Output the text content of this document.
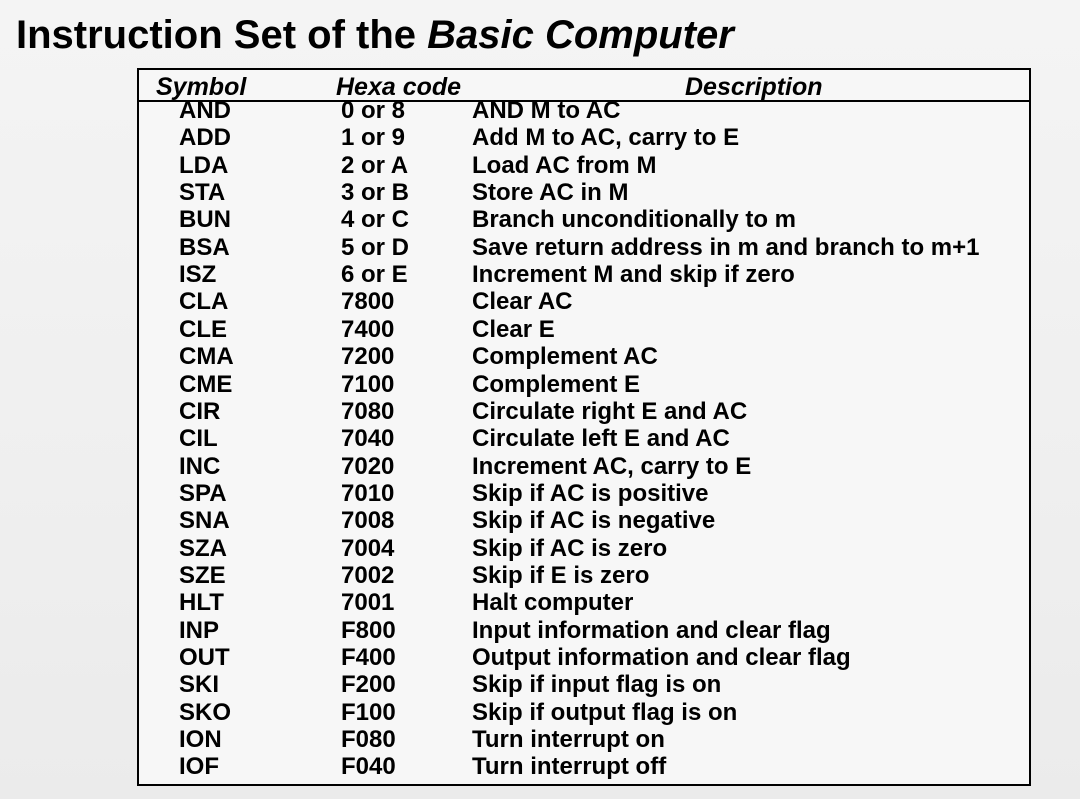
Instruction Set of the Basic Computer
Symbol	Hexa code	Description
AND	0 or 8	AND M to AC
ADD	1 or 9	Add M to AC, carry to E
LDA	2 or A	Load AC from M
STA	3 or B	Store AC in M
BUN	4 or C	Branch unconditionally to m
BSA	5 or D	Save return address in m and branch to m+1
ISZ	6 or E	Increment M and skip if zero
CLA	7800	Clear AC
CLE	7400	Clear E
CMA	7200	Complement AC
CME	7100	Complement E
CIR	7080	Circulate right E and AC
CIL	7040	Circulate left E and AC
INC	7020	Increment AC, carry to E
SPA	7010	Skip if AC is positive
SNA	7008	Skip if AC is negative
SZA	7004	Skip if AC is zero
SZE	7002	Skip if E is zero
HLT	7001	Halt computer
INP	F800	Input information and clear flag
OUT	F400	Output information and clear flag
SKI	F200	Skip if input flag is on
SKO	F100	Skip if output flag is on
ION	F080	Turn interrupt on
IOF	F040	Turn interrupt off
